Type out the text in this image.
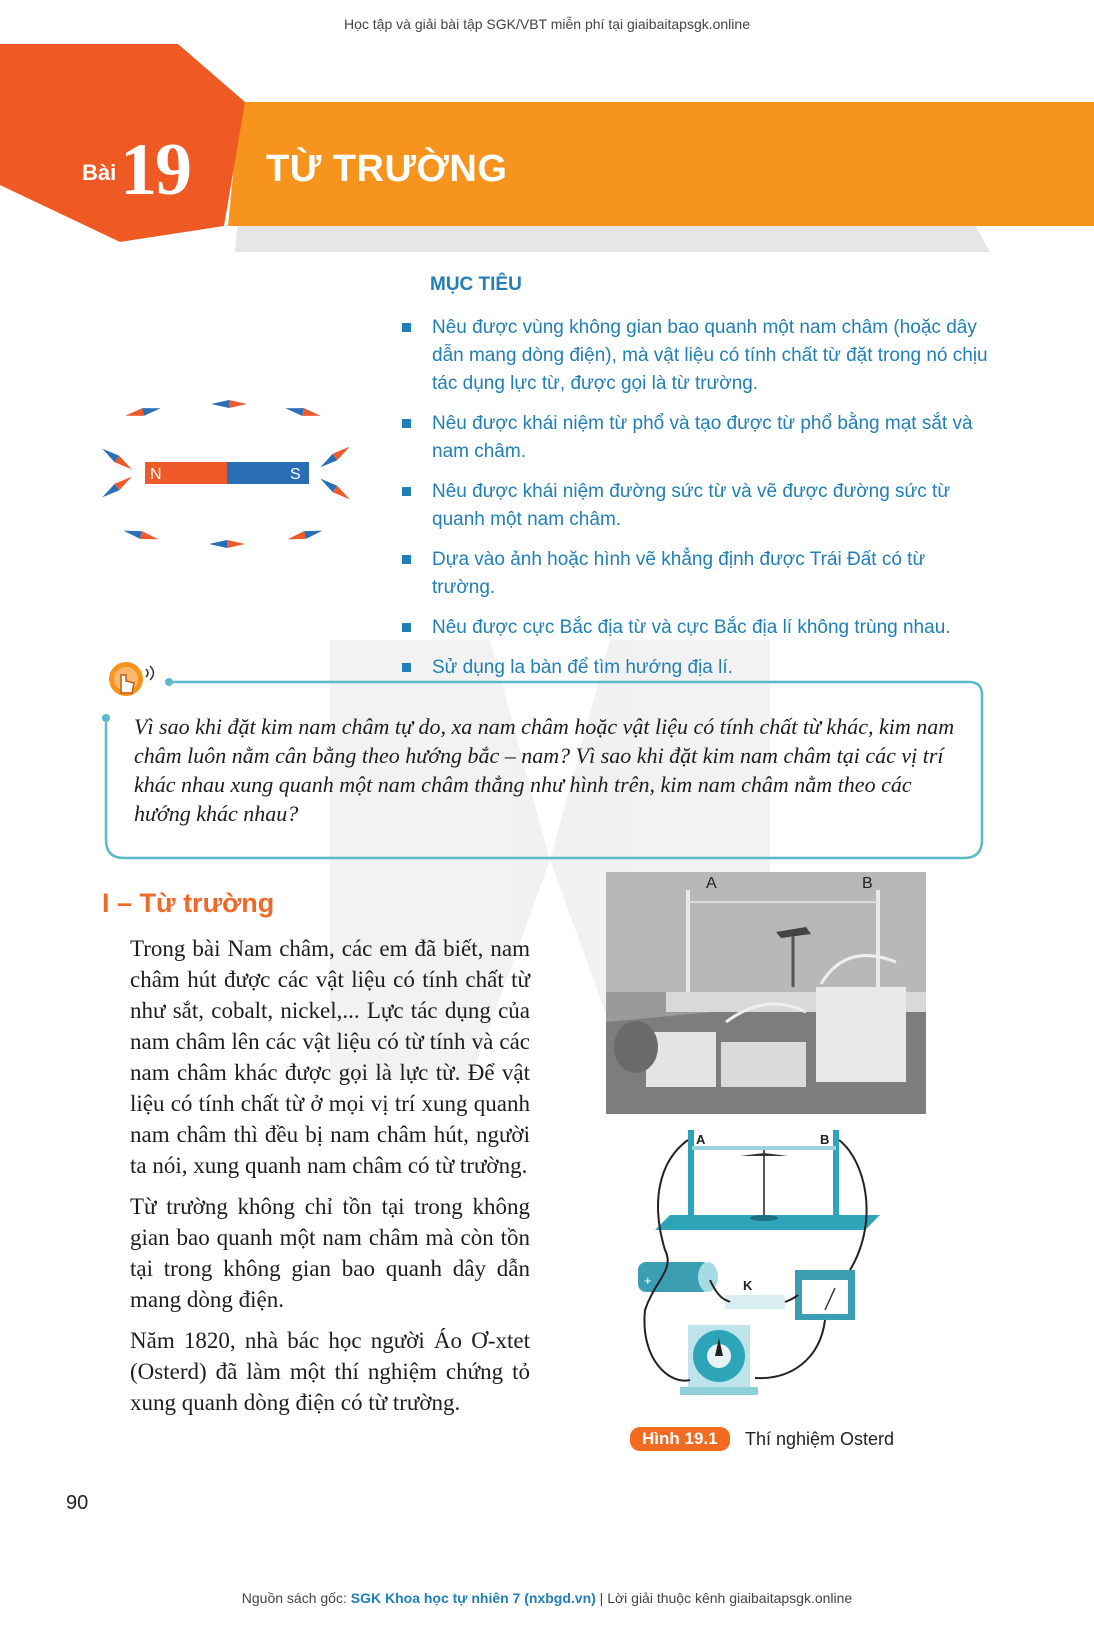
Học tập và giải bài tập SGK/VBT miễn phí tại giaibaitapsgk.online
Bài 19 TỪ TRƯỜNG
MỤC TIÊU
Nêu được vùng không gian bao quanh một nam châm (hoặc dây dẫn mang dòng điện), mà vật liệu có tính chất từ đặt trong nó chịu tác dụng lực từ, được gọi là từ trường.
Nêu được khái niệm từ phổ và tạo được từ phổ bằng mạt sắt và nam châm.
Nêu được khái niệm đường sức từ và vẽ được đường sức từ quanh một nam châm.
Dựa vào ảnh hoặc hình vẽ khẳng định được Trái Đất có từ trường.
Nêu được cực Bắc địa từ và cực Bắc địa lí không trùng nhau.
Sử dụng la bàn để tìm hướng địa lí.
N	S
Vì sao khi đặt kim nam châm tự do, xa nam châm hoặc vật liệu có tính chất từ khác, kim nam châm luôn nằm cân bằng theo hướng bắc – nam? Vì sao khi đặt kim nam châm tại các vị trí khác nhau xung quanh một nam châm thẳng như hình trên, kim nam châm nằm theo các hướng khác nhau?
I – Từ trường

Trong bài Nam châm, các em đã biết, nam châm hút được các vật liệu có tính chất từ như sắt, cobalt, nickel,... Lực tác dụng của nam châm lên các vật liệu có từ tính và các nam châm khác được gọi là lực từ. Để vật liệu có tính chất từ ở mọi vị trí xung quanh nam châm thì đều bị nam châm hút, người ta nói, xung quanh nam châm có từ trường.

Từ trường không chỉ tồn tại trong không gian bao quanh một nam châm mà còn tồn tại trong không gian bao quanh dây dẫn mang dòng điện.

Năm 1820, nhà bác học người Áo Ơ-xtet (Osterd) đã làm một thí nghiệm chứng tỏ xung quanh dòng điện có từ trường.

A	B
A	B
+	K
Hình 19.1	Thí nghiệm Osterd
90
Nguồn sách gốc: SGK Khoa học tự nhiên 7 (nxbgd.vn) | Lời giải thuộc kênh giaibaitapsgk.online
